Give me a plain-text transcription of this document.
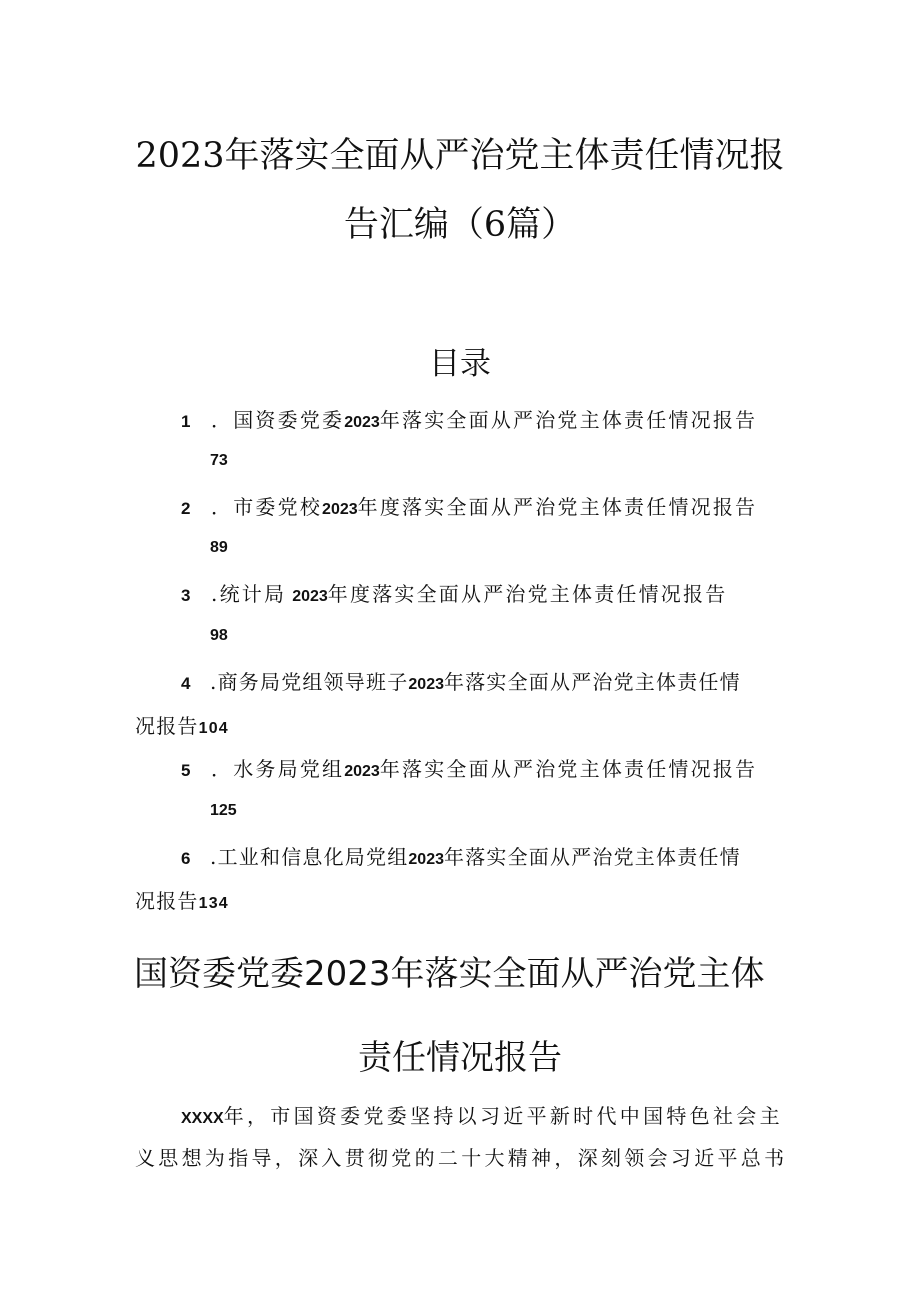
2023年落实全面从严治党主体责任情况报
告汇编（6篇）
目录
1 ．国资委党委2023年落实全面从严治党主体责任情况报告
73
2 ．市委党校2023年度落实全面从严治党主体责任情况报告
89
3 .统计局 2023年度落实全面从严治党主体责任情况报告
98
4 .商务局党组领导班子2023年落实全面从严治党主体责任情
况报告104
5 ．水务局党组2023年落实全面从严治党主体责任情况报告
125
6 .工业和信息化局党组2023年落实全面从严治党主体责任情
况报告134
国资委党委2023年落实全面从严治党主体
责任情况报告
XXXX年，市国资委党委坚持以习近平新时代中国特色社会主
义思想为指导，深入贯彻党的二十大精神，深刻领会习近平总书
